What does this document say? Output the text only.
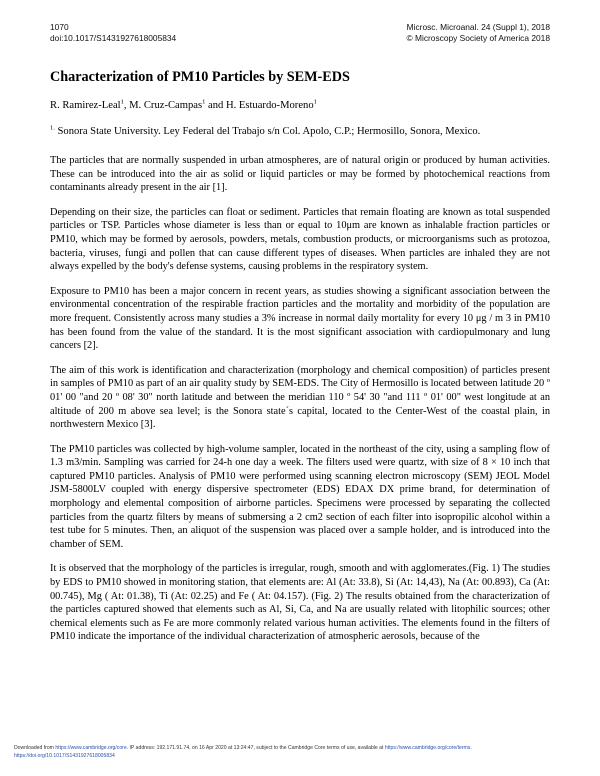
1070
doi:10.1017/S1431927618005834
Microsc. Microanal. 24 (Suppl 1), 2018
© Microscopy Society of America 2018
Characterization of PM10 Particles by SEM-EDS
R. Ramirez-Leal$^1$, M. Cruz-Campas$^1$ and H. Estuardo-Moreno$^1$
$^{1.}$ Sonora State University. Ley Federal del Trabajo s/n Col. Apolo, C.P.; Hermosillo, Sonora, Mexico.

The particles that are normally suspended in urban atmospheres, are of natural origin or produced by human activities. These can be introduced into the air as solid or liquid particles or may be formed by photochemical reactions from contaminants already present in the air [1].

Depending on their size, the particles can float or sediment. Particles that remain floating are known as total suspended particles or TSP. Particles whose diameter is less than or equal to 10μm are known as inhalable fraction particles or PM10, which may be formed by aerosols, powders, metals, combustion products, or microorganisms such as protozoa, bacteria, viruses, fungi and pollen that can cause different types of diseases. When particles are inhaled they are not always expelled by the body's defense systems, causing problems in the respiratory system.

Exposure to PM10 has been a major concern in recent years, as studies showing a significant association between the environmental concentration of the respirable fraction particles and the mortality and morbidity of the population are more frequent. Consistently across many studies a 3% increase in normal daily mortality for every 10 μg / m 3 in PM10 has been found from the value of the standard. It is the most significant association with cardiopulmonary and lung cancers [2].

The aim of this work is identification and characterization (morphology and chemical composition) of particles present in samples of PM10 as part of an air quality study by SEM-EDS. The City of Hermosillo is located between latitude 20 º 01' 00 "and 20 º 08' 30" north latitude and between the meridian 110 º 54' 30 "and 111 º 01' 00" west longitude at an altitude of 200 m above sea level; is the Sonora state´s capital, located to the Center-West of the coastal plain, in northwestern Mexico [3].

The PM10 particles was collected by high-volume sampler, located in the northeast of the city, using a sampling flow of 1.3 m3/min. Sampling was carried for 24-h one day a week. The filters used were quartz, with size of 8 × 10 inch that captured PM10 particles. Analysis of PM10 were performed using scanning electron microscopy (SEM) JEOL Model JSM-5800LV coupled with energy dispersive spectrometer (EDS) EDAX DX prime brand, for determination of morphology and elemental composition of airborne particles. Specimens were processed by separating the collected particles from the quartz filters by means of submersing a 2 cm2 section of each filter into isopropilic alcohol within a test tube for 5 minutes. Then, an aliquot of the suspension was placed over a sample holder, and is introduced into the chamber of SEM.

It is observed that the morphology of the particles is irregular, rough, smooth and with agglomerates.(Fig. 1) The studies by EDS to PM10 showed in monitoring station, that elements are: Al (At: 33.8), Si (At: 14,43), Na (At: 00.893), Ca (At: 00.745), Mg ( At: 01.38), Ti (At: 02.25) and Fe ( At: 04.157). (Fig. 2) The results obtained from the characterization of the particles captured showed that elements such as Al, Si, Ca, and Na are usually related with litophilic sources; other chemical elements such as Fe are more commonly related various human activities. The elements found in the filters of PM10 indicate the importance of the individual characterization of atmospheric aerosols, because of the

Downloaded from https://www.cambridge.org/core. IP address: 192.171.91.74, on 16 Apr 2020 at 13:24:47, subject to the Cambridge Core terms of use, available at https://www.cambridge.org/core/terms.
https://doi.org/10.1017/S1431927618005834
